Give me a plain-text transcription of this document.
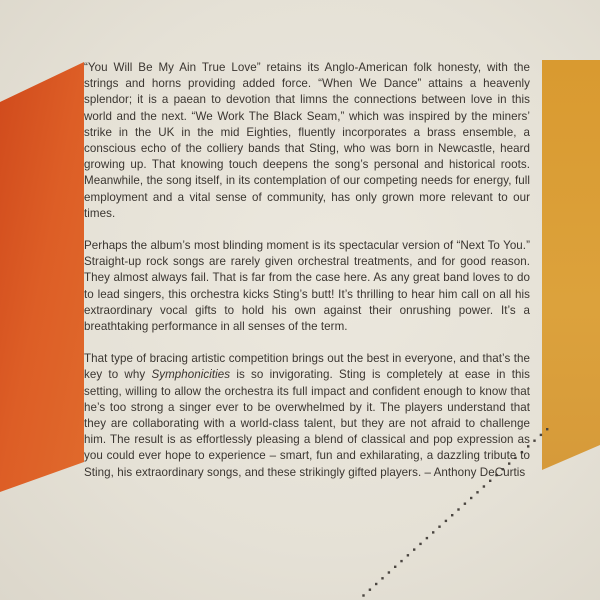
“You Will Be My Ain True Love” retains its Anglo-American folk honesty, with the strings and horns providing added force. “When We Dance” attains a heavenly splendor; it is a paean to devotion that limns the connections between love in this world and the next. “We Work The Black Seam,” which was inspired by the miners’ strike in the UK in the mid Eighties, fluently incorporates a brass ensemble, a conscious echo of the colliery bands that Sting, who was born in Newcastle, heard growing up. That knowing touch deepens the song’s personal and historical roots. Meanwhile, the song itself, in its contemplation of our competing needs for energy, full employment and a vital sense of community, has only grown more relevant to our times.

Perhaps the album’s most blinding moment is its spectacular version of “Next To You.” Straight-up rock songs are rarely given orchestral treatments, and for good reason. They almost always fail. That is far from the case here. As any great band loves to do to lead singers, this orchestra kicks Sting’s butt! It’s thrilling to hear him call on all his extraordinary vocal gifts to hold his own against their onrushing power. It’s a breathtaking performance in all senses of the term.

That type of bracing artistic competition brings out the best in everyone, and that’s the key to why Symphonicities is so invigorating. Sting is completely at ease in this setting, willing to allow the orchestra its full impact and confident enough to know that he’s too strong a singer ever to be overwhelmed by it. The players understand that they are collaborating with a world-class talent, but they are not afraid to challenge him. The result is as effortlessly pleasing a blend of classical and pop expression as you could ever hope to experience – smart, fun and exhilarating, a dazzling tribute to Sting, his extraordinary songs, and these strikingly gifted players. – Anthony DeCurtis
